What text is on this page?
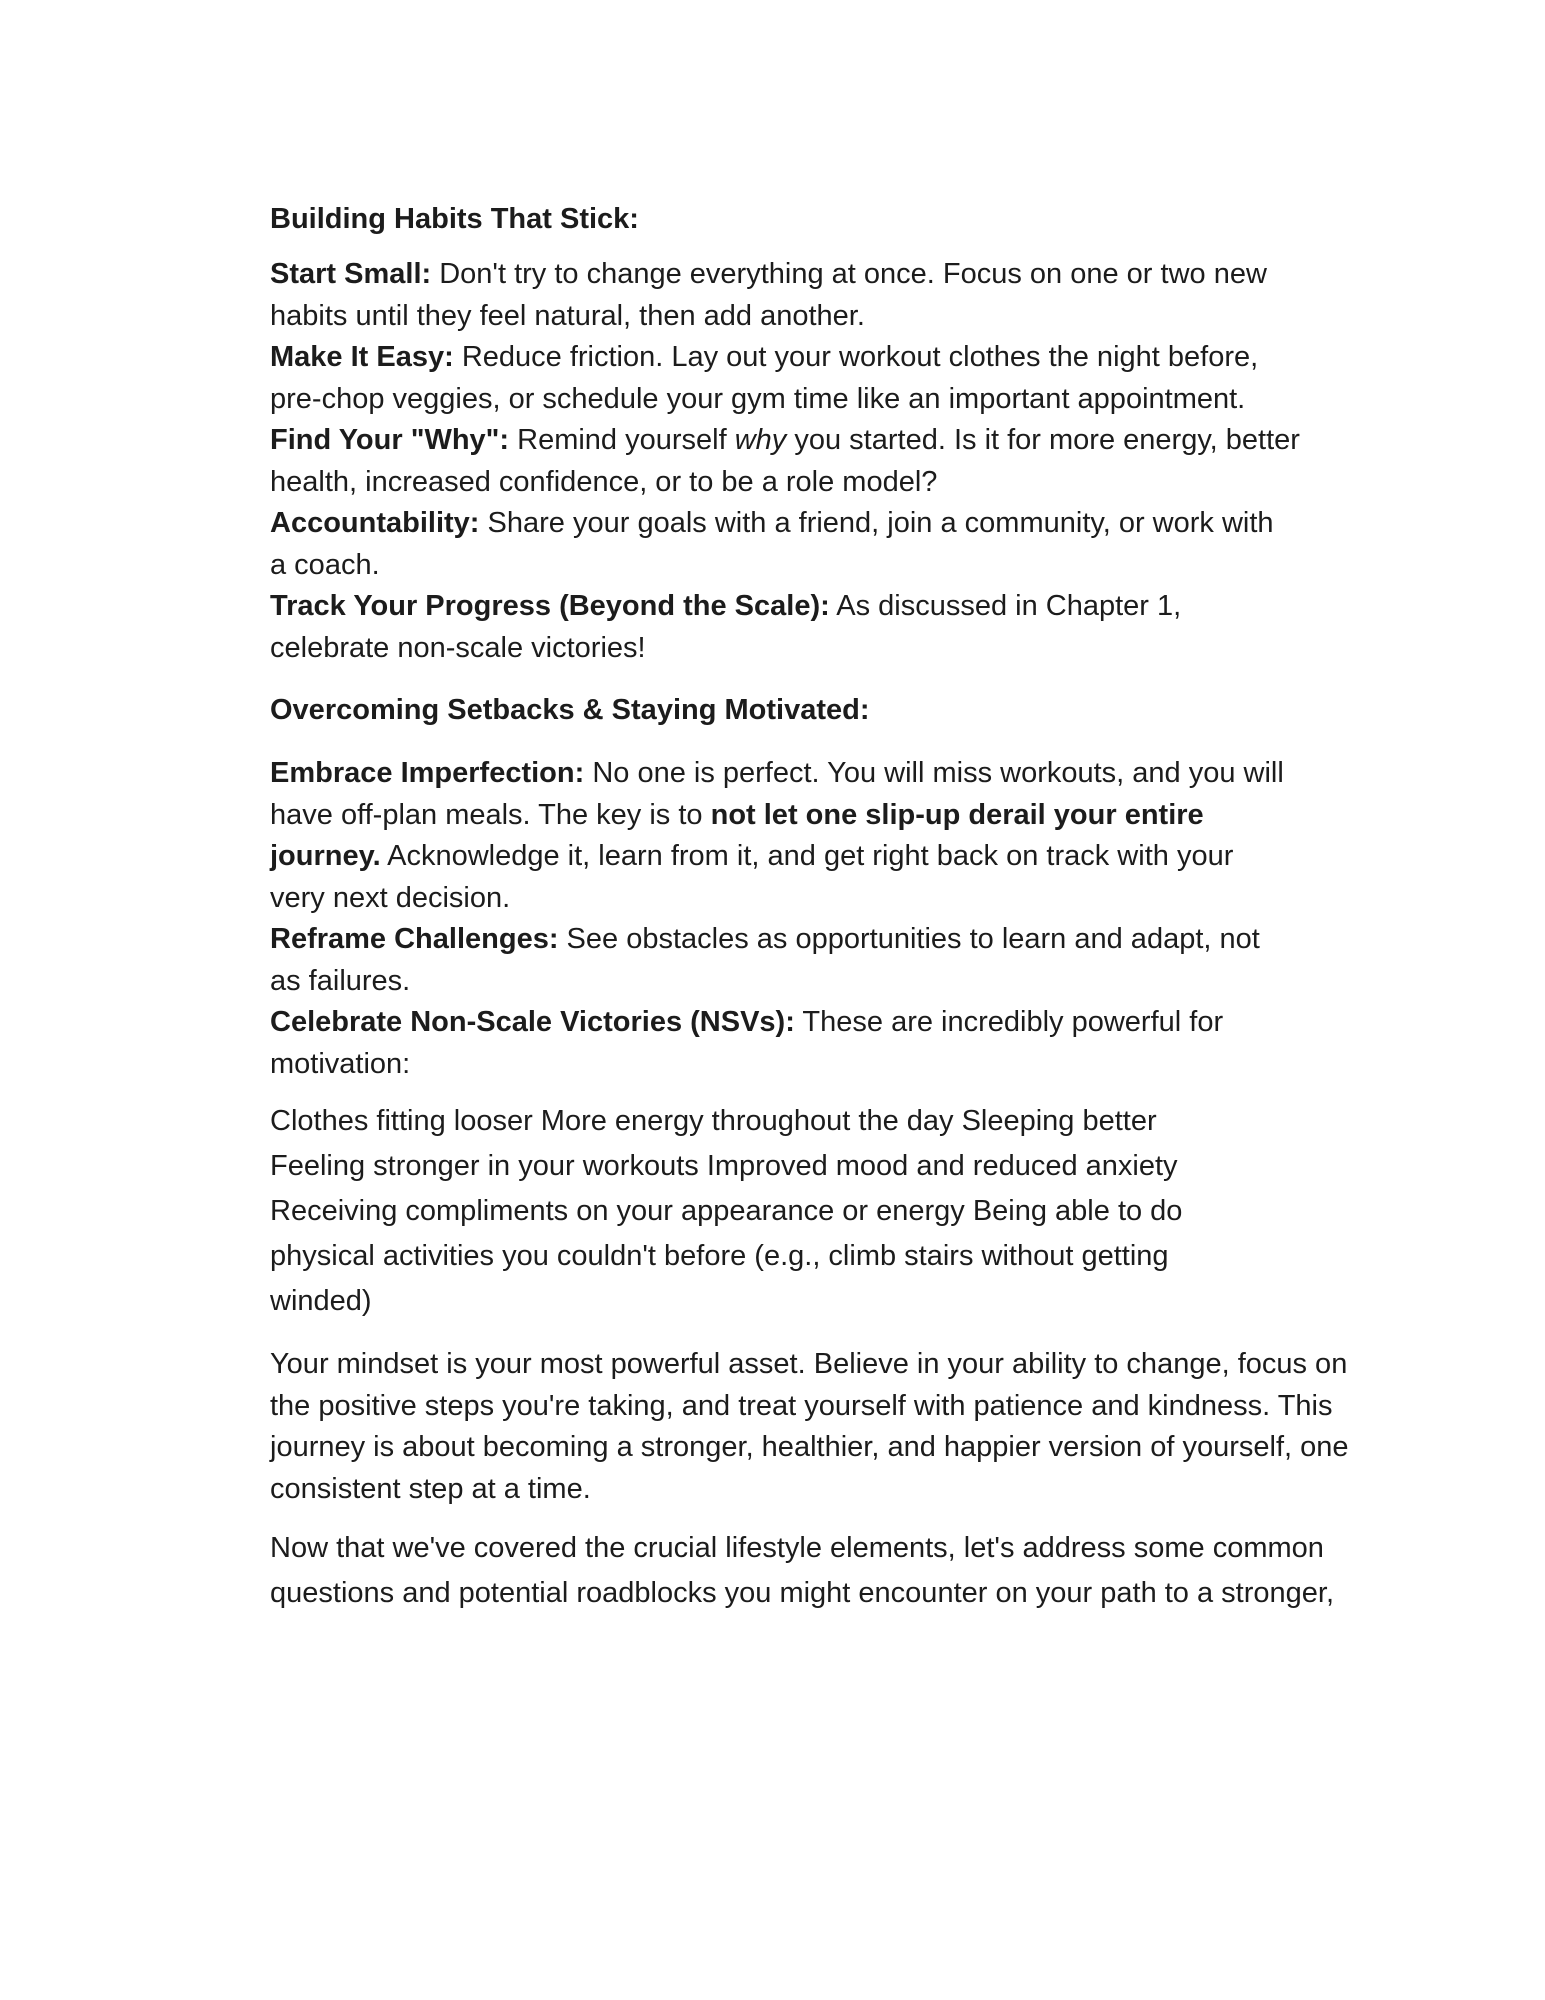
Building Habits That Stick:

Start Small: Don't try to change everything at once. Focus on one or two new
habits until they feel natural, then add another.
Make It Easy: Reduce friction. Lay out your workout clothes the night before,
pre-chop veggies, or schedule your gym time like an important appointment.
Find Your "Why": Remind yourself why you started. Is it for more energy, better
health, increased confidence, or to be a role model?
Accountability: Share your goals with a friend, join a community, or work with
a coach.
Track Your Progress (Beyond the Scale): As discussed in Chapter 1,
celebrate non-scale victories!

Overcoming Setbacks & Staying Motivated:

Embrace Imperfection: No one is perfect. You will miss workouts, and you will
have off-plan meals. The key is to not let one slip-up derail your entire
journey. Acknowledge it, learn from it, and get right back on track with your
very next decision.
Reframe Challenges: See obstacles as opportunities to learn and adapt, not
as failures.
Celebrate Non-Scale Victories (NSVs): These are incredibly powerful for
motivation:
Clothes fitting looser More energy throughout the day Sleeping better
Feeling stronger in your workouts Improved mood and reduced anxiety
Receiving compliments on your appearance or energy Being able to do
physical activities you couldn't before (e.g., climb stairs without getting
winded)
Your mindset is your most powerful asset. Believe in your ability to change, focus on
the positive steps you're taking, and treat yourself with patience and kindness. This
journey is about becoming a stronger, healthier, and happier version of yourself, one
consistent step at a time.
Now that we've covered the crucial lifestyle elements, let's address some common
questions and potential roadblocks you might encounter on your path to a stronger,
